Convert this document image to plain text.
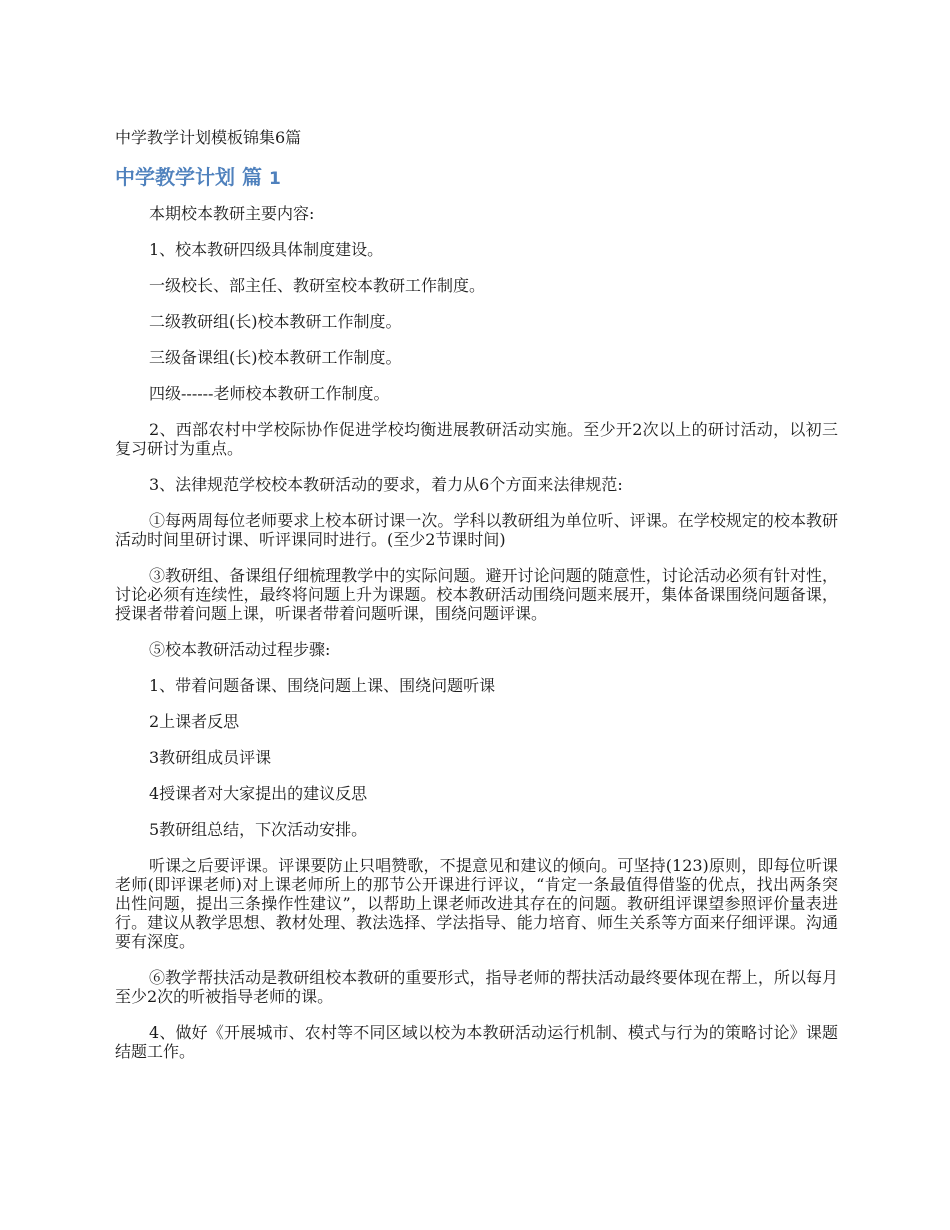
中学教学计划模板锦集6篇
中学教学计划 篇 1
本期校本教研主要内容:
1、校本教研四级具体制度建设。
一级校长、部主任、教研室校本教研工作制度。
二级教研组(长)校本教研工作制度。
三级备课组(长)校本教研工作制度。
四级------老师校本教研工作制度。
2、西部农村中学校际协作促进学校均衡进展教研活动实施。至少开2次以上的研讨活动，以初三复习研讨为重点。
3、法律规范学校校本教研活动的要求，着力从6个方面来法律规范:
①每两周每位老师要求上校本研讨课一次。学科以教研组为单位听、评课。在学校规定的校本教研活动时间里研讨课、听评课同时进行。(至少2节课时间)
③教研组、备课组仔细梳理教学中的实际问题。避开讨论问题的随意性，讨论活动必须有针对性，讨论必须有连续性，最终将问题上升为课题。校本教研活动围绕问题来展开，集体备课围绕问题备课，授课者带着问题上课，听课者带着问题听课，围绕问题评课。
⑤校本教研活动过程步骤:
1、带着问题备课、围绕问题上课、围绕问题听课
2上课者反思
3教研组成员评课
4授课者对大家提出的建议反思
5教研组总结，下次活动安排。
听课之后要评课。评课要防止只唱赞歌，不提意见和建议的倾向。可坚持(123)原则，即每位听课老师(即评课老师)对上课老师所上的那节公开课进行评议，“肯定一条最值得借鉴的优点，找出两条突出性问题，提出三条操作性建议”，以帮助上课老师改进其存在的问题。教研组评课望参照评价量表进行。建议从教学思想、教材处理、教法选择、学法指导、能力培育、师生关系等方面来仔细评课。沟通要有深度。
⑥教学帮扶活动是教研组校本教研的重要形式，指导老师的帮扶活动最终要体现在帮上，所以每月至少2次的听被指导老师的课。
4、做好《开展城市、农村等不同区域以校为本教研活动运行机制、模式与行为的策略讨论》课题结题工作。
